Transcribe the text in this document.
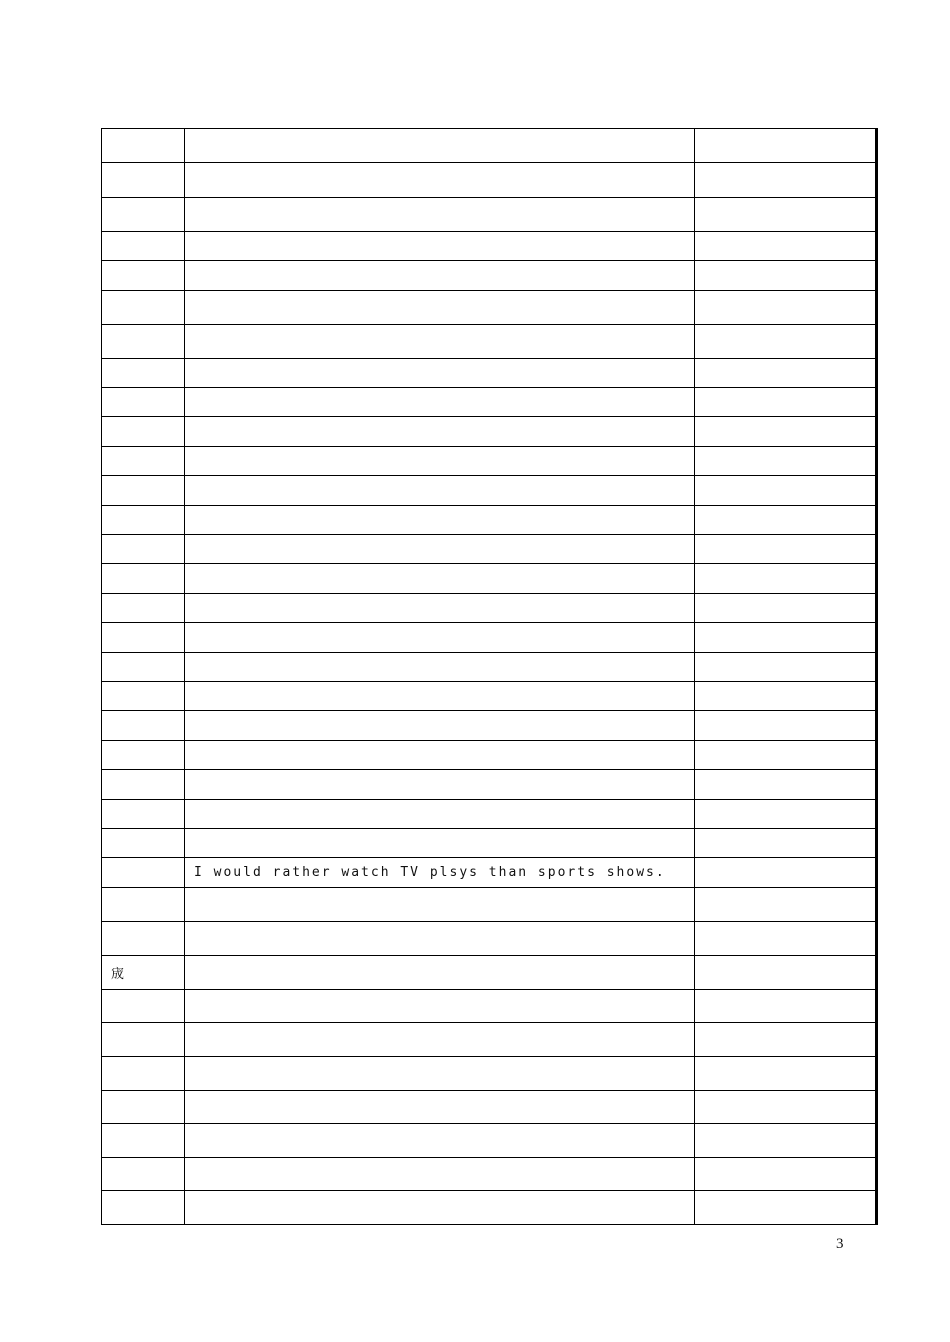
	I would rather watch TV plsys than sports shows.	

宬		

3
